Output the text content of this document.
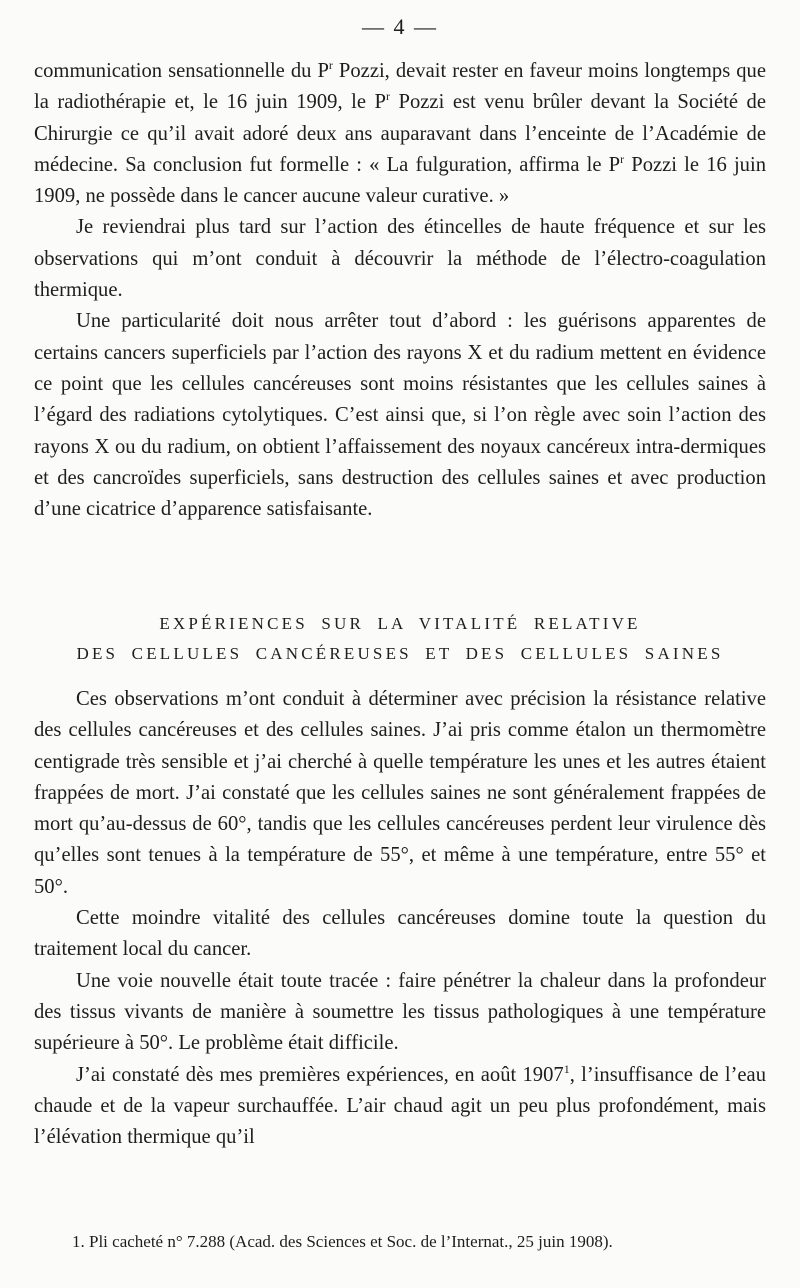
— 4 —

communication sensationnelle du $P^r$ Pozzi, devait rester en faveur moins longtemps que la radiothérapie et, le 16 juin 1909, le $P^r$ Pozzi est venu brûler devant la Société de Chirurgie ce qu’il avait adoré deux ans auparavant dans l’enceinte de l’Académie de médecine. Sa conclusion fut formelle : « La fulguration, affirma le $P^r$ Pozzi le 16 juin 1909, ne possède dans le cancer aucune valeur curative. »

Je reviendrai plus tard sur l’action des étincelles de haute fréquence et sur les observations qui m’ont conduit à découvrir la méthode de l’électro-coagulation thermique.

Une particularité doit nous arrêter tout d’abord : les guérisons apparentes de certains cancers superficiels par l’action des rayons X et du radium mettent en évidence ce point que les cellules cancéreuses sont moins résistantes que les cellules saines à l’égard des radiations cytolytiques. C’est ainsi que, si l’on règle avec soin l’action des rayons X ou du radium, on obtient l’affaissement des noyaux cancéreux intra-dermiques et des cancroïdes superficiels, sans destruction des cellules saines et avec production d’une cicatrice d’apparence satisfaisante.

EXPÉRIENCES SUR LA VITALITÉ RELATIVE
DES CELLULES CANCÉREUSES ET DES CELLULES SAINES

Ces observations m’ont conduit à déterminer avec précision la résistance relative des cellules cancéreuses et des cellules saines. J’ai pris comme étalon un thermomètre centigrade très sensible et j’ai cherché à quelle température les unes et les autres étaient frappées de mort. J’ai constaté que les cellules saines ne sont généralement frappées de mort qu’au-dessus de 60°, tandis que les cellules cancéreuses perdent leur virulence dès qu’elles sont tenues à la température de 55°, et même à une température, entre 55° et 50°.

Cette moindre vitalité des cellules cancéreuses domine toute la question du traitement local du cancer.

Une voie nouvelle était toute tracée : faire pénétrer la chaleur dans la profondeur des tissus vivants de manière à soumettre les tissus pathologiques à une température supérieure à 50°. Le problème était difficile.

J’ai constaté dès mes premières expériences, en août 1907$^1$, l’insuffisance de l’eau chaude et de la vapeur surchauffée. L’air chaud agit un peu plus profondément, mais l’élévation thermique qu’il

1. Pli cacheté n° 7.288 (Acad. des Sciences et Soc. de l’Internat., 25 juin 1908).
